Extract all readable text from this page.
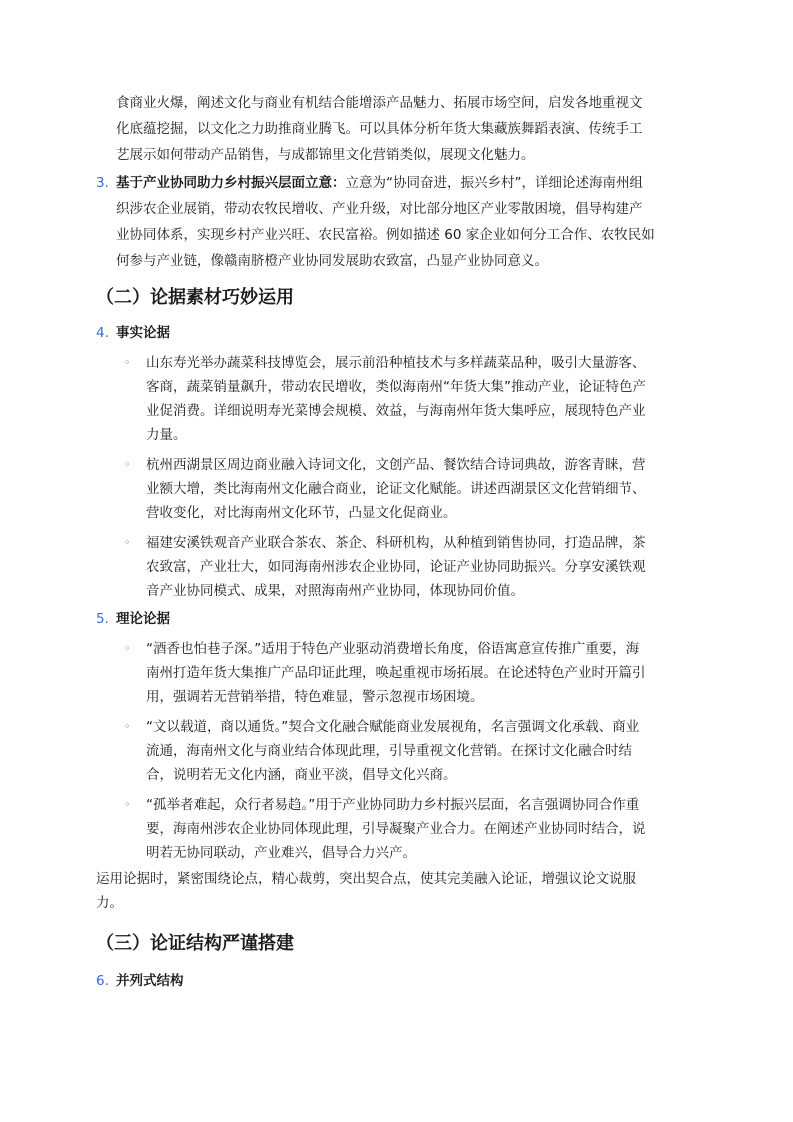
食商业火爆，阐述文化与商业有机结合能增添产品魅力、拓展市场空间，启发各地重视文
化底蕴挖掘，以文化之力助推商业腾飞。可以具体分析年货大集藏族舞蹈表演、传统手工
艺展示如何带动产品销售，与成都锦里文化营销类似，展现文化魅力。
3. 基于产业协同助力乡村振兴层面立意：立意为“协同奋进，振兴乡村”，详细论述海南州组
织涉农企业展销，带动农牧民增收、产业升级，对比部分地区产业零散困境，倡导构建产
业协同体系，实现乡村产业兴旺、农民富裕。例如描述 60 家企业如何分工合作、农牧民如
何参与产业链，像赣南脐橙产业协同发展助农致富，凸显产业协同意义。
（二）论据素材巧妙运用
4. 事实论据
◦ 山东寿光举办蔬菜科技博览会，展示前沿种植技术与多样蔬菜品种，吸引大量游客、
客商，蔬菜销量飙升，带动农民增收，类似海南州“年货大集”推动产业，论证特色产
业促消费。详细说明寿光菜博会规模、效益，与海南州年货大集呼应，展现特色产业
力量。
◦ 杭州西湖景区周边商业融入诗词文化，文创产品、餐饮结合诗词典故，游客青睐，营
业额大增，类比海南州文化融合商业，论证文化赋能。讲述西湖景区文化营销细节、
营收变化，对比海南州文化环节，凸显文化促商业。
◦ 福建安溪铁观音产业联合茶农、茶企、科研机构，从种植到销售协同，打造品牌，茶
农致富，产业壮大，如同海南州涉农企业协同，论证产业协同助振兴。分享安溪铁观
音产业协同模式、成果，对照海南州产业协同，体现协同价值。
5. 理论论据
◦ “酒香也怕巷子深。”适用于特色产业驱动消费增长角度，俗语寓意宣传推广重要，海
南州打造年货大集推广产品印证此理，唤起重视市场拓展。在论述特色产业时开篇引
用，强调若无营销举措，特色难显，警示忽视市场困境。
◦ “文以载道，商以通货。”契合文化融合赋能商业发展视角，名言强调文化承载、商业
流通，海南州文化与商业结合体现此理，引导重视文化营销。在探讨文化融合时结
合，说明若无文化内涵，商业平淡，倡导文化兴商。
◦ “孤举者难起，众行者易趋。”用于产业协同助力乡村振兴层面，名言强调协同合作重
要，海南州涉农企业协同体现此理，引导凝聚产业合力。在阐述产业协同时结合，说
明若无协同联动，产业难兴，倡导合力兴产。
运用论据时，紧密围绕论点，精心裁剪，突出契合点，使其完美融入论证，增强议论文说服
力。
（三）论证结构严谨搭建
6. 并列式结构
